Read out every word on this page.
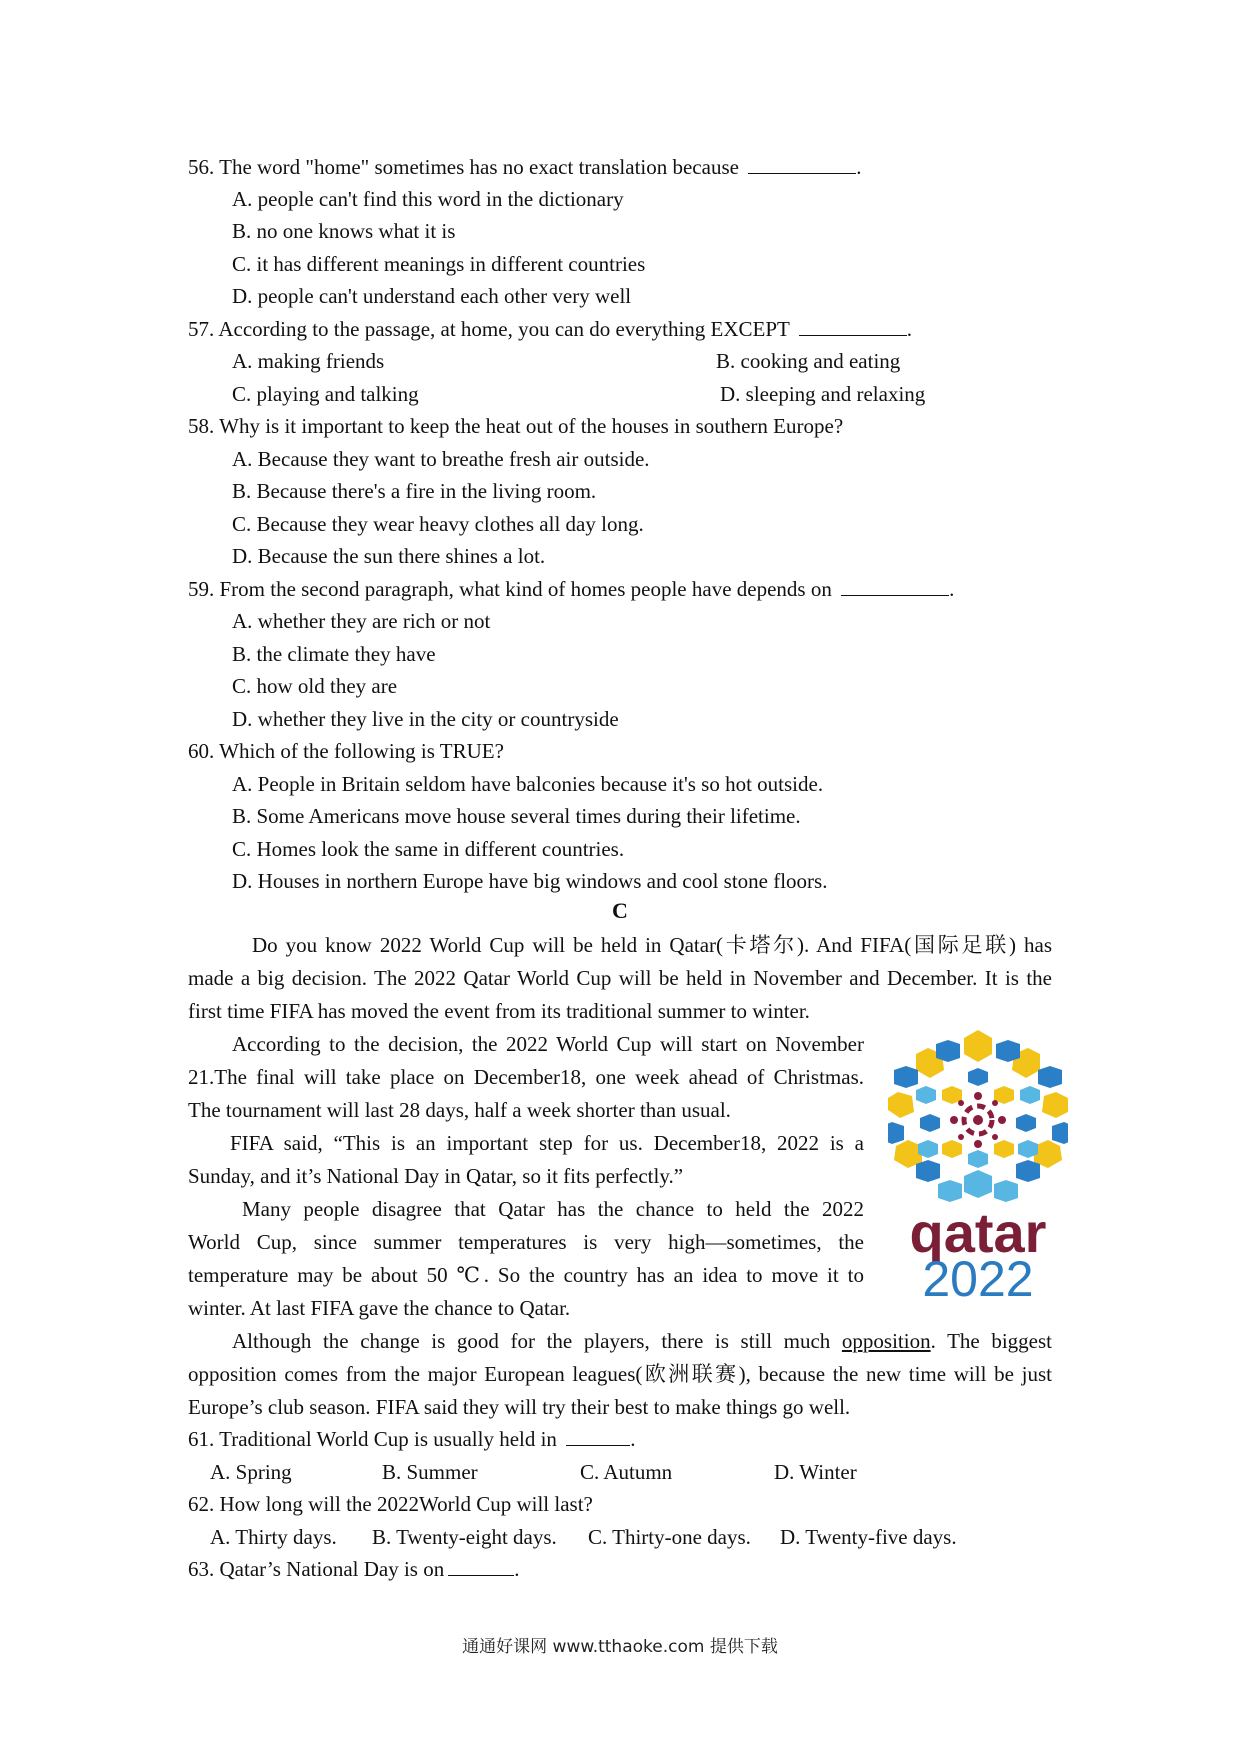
56. The word "home" sometimes has no exact translation because	.
A. people can't find this word in the dictionary
B. no one knows what it is
C. it has different meanings in different countries
D. people can't understand each other very well
57. According to the passage, at home, you can do everything EXCEPT	.
A. making friends	B. cooking and eating
C. playing and talking	D. sleeping and relaxing
58. Why is it important to keep the heat out of the houses in southern Europe?
A. Because they want to breathe fresh air outside.
B. Because there's a fire in the living room.
C. Because they wear heavy clothes all day long.
D. Because the sun there shines a lot.
59. From the second paragraph, what kind of homes people have depends on	.
A. whether they are rich or not
B. the climate they have
C. how old they are
D. whether they live in the city or countryside
60. Which of the following is TRUE?
A. People in Britain seldom have balconies because it's so hot outside.
B. Some Americans move house several times during their lifetime.
C. Homes look the same in different countries.
D. Houses in northern Europe have big windows and cool stone floors.
C
Do you know 2022 World Cup will be held in Qatar(卡塔尔). And FIFA(国际足联) has
made a big decision. The 2022 Qatar World Cup will be held in November and December. It is the
first time FIFA has moved the event from its traditional summer to winter.
According to the decision, the 2022 World Cup will start on November
21.The final will take place on December18, one week ahead of Christmas.
The tournament will last 28 days, half a week shorter than usual.
FIFA said, “This is an important step for us. December18, 2022 is a
Sunday, and it’s National Day in Qatar, so it fits perfectly.”
Many people disagree that Qatar has the chance to held the 2022
World Cup, since summer temperatures is very high—sometimes, the
temperature may be about 50 ℃. So the country has an idea to move it to
winter. At last FIFA gave the chance to Qatar.
Although the change is good for the players, there is still much opposition. The biggest
opposition comes from the major European leagues(欧洲联赛), because the new time will be just
Europe’s club season. FIFA said they will try their best to make things go well.
qatar
2022
61. Traditional World Cup is usually held in	.
A. Spring	B. Summer	C. Autumn	D. Winter
62. How long will the 2022World Cup will last?
A. Thirty days. B. Twenty-eight days. C. Thirty-one days. D. Twenty-five days.
63. Qatar’s National Day is on	.
通通好课网 www.tthaoke.com 提供下载
